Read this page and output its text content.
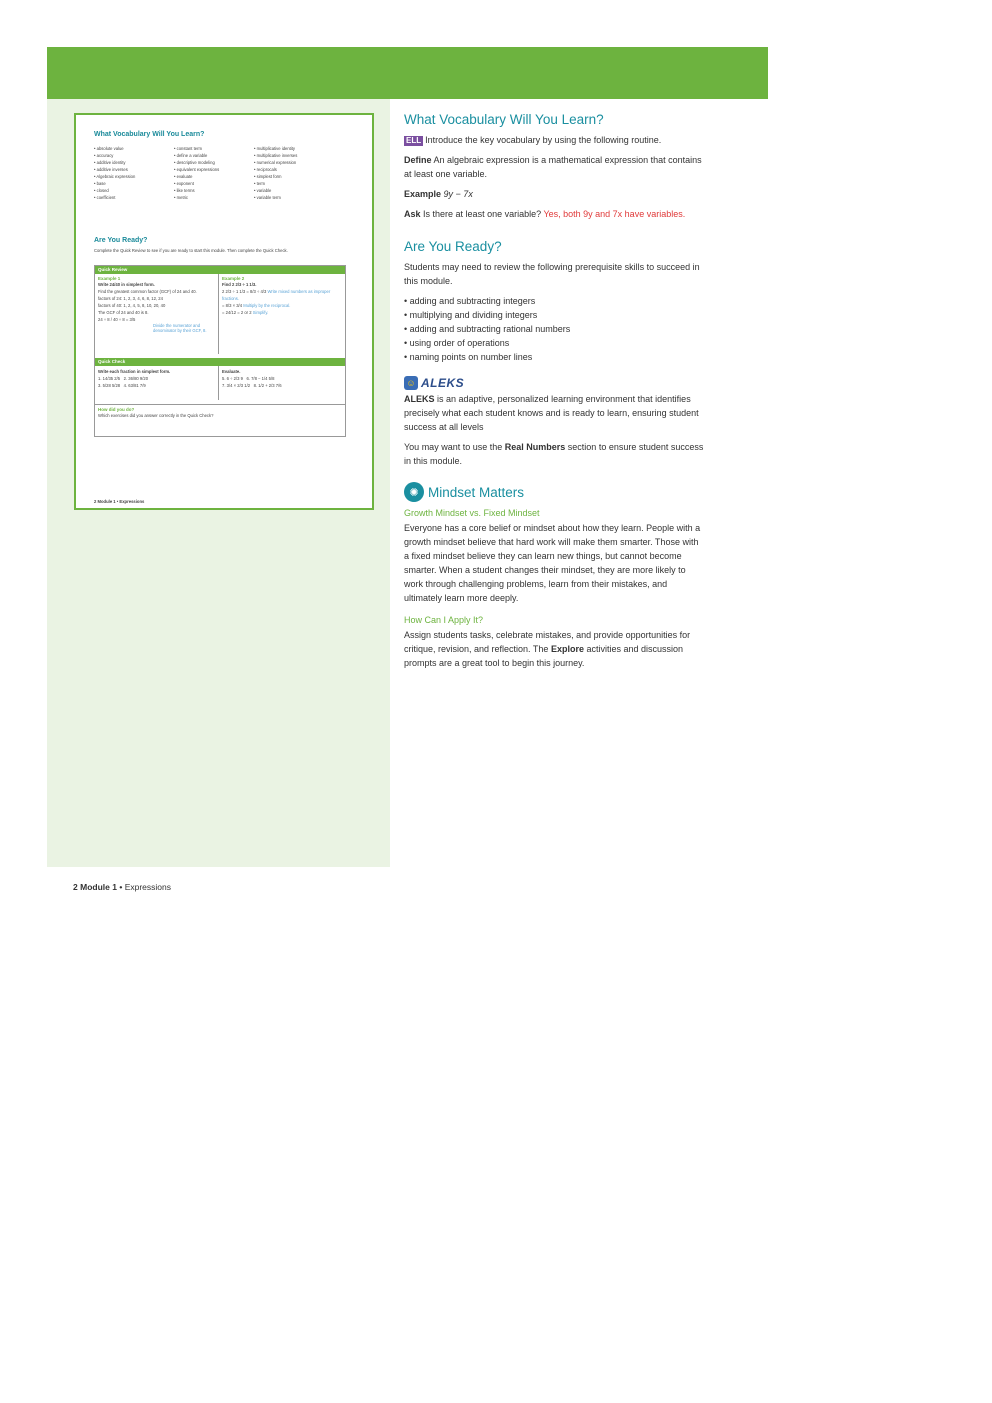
What Vocabulary Will You Learn?
• absolute value
• accuracy
• additive identity
• additive inverses
• Algebraic expression
• base
• closed
• coefficient
• constant term
• define a variable
• descriptive modeling
• equivalent expressions
• evaluate
• exponent
• like terms
• metric
• multiplicative identity
• multiplicative inverses
• numerical expression
• reciprocals
• simplest form
• term
• variable
• variable term
Are You Ready?
Complete the Quick Review to see if you are ready to start this module. Then complete the Quick Check.
Quick Review
Example 1
Write 24/40 in simplest form.
Find the greatest common factor (GCF) of 24 and 40.
factors of 24: 1, 2, 3, 4, 6, 8, 12, 24
factors of 40: 1, 2, 4, 5, 8, 10, 20, 40
The GCF of 24 and 40 is 8.
24 ÷ 8 / 40 ÷ 8 = 3/5
Divide the numerator and denominator by their GCF, 8.
Example 2
Find 2 2/3 ÷ 1 1/3.
2 2/3 ÷ 1 1/3 = 8/3 ÷ 4/3 Write mixed numbers as improper fractions.
= 8/3 × 3/4 Multiply by the reciprocal.
= 24/12 = 2 or 2 Simplify.
Quick Check
Write each fraction in simplest form.
1. 14/35 2/5 2. 36/80 9/20
3. 5/28 5/28 4. 63/81 7/9
Evaluate.
5. 6 ÷ 2/3 9 6. 7/8 − 1/4 5/8
7. 3/4 × 2/3 1/2 8. 1/2 + 2/3 7/6
How did you do?
Which exercises did you answer correctly in the Quick Check?
2 Module 1 • Expressions
What Vocabulary Will You Learn?

ELL Introduce the key vocabulary by using the following routine.

Define An algebraic expression is a mathematical expression that contains at least one variable.

Example 9y − 7x

Ask Is there at least one variable? Yes, both 9y and 7x have variables.

Are You Ready?

Students may need to review the following prerequisite skills to succeed in this module.

• adding and subtracting integers
• multiplying and dividing integers
• adding and subtracting rational numbers
• using order of operations
• naming points on number lines
☺ ALEKS

ALEKS is an adaptive, personalized learning environment that identifies precisely what each student knows and is ready to learn, ensuring student success at all levels

You may want to use the Real Numbers section to ensure student success in this module.

✺ Mindset Matters
Growth Mindset vs. Fixed Mindset

Everyone has a core belief or mindset about how they learn. People with a growth mindset believe that hard work will make them smarter. Those with a fixed mindset believe they can learn new things, but cannot become smarter. When a student changes their mindset, they are more likely to work through challenging problems, learn from their mistakes, and ultimately learn more deeply.

How Can I Apply It?

Assign students tasks, celebrate mistakes, and provide opportunities for critique, revision, and reflection. The Explore activities and discussion prompts are a great tool to begin this journey.

2 Module 1 • Expressions
